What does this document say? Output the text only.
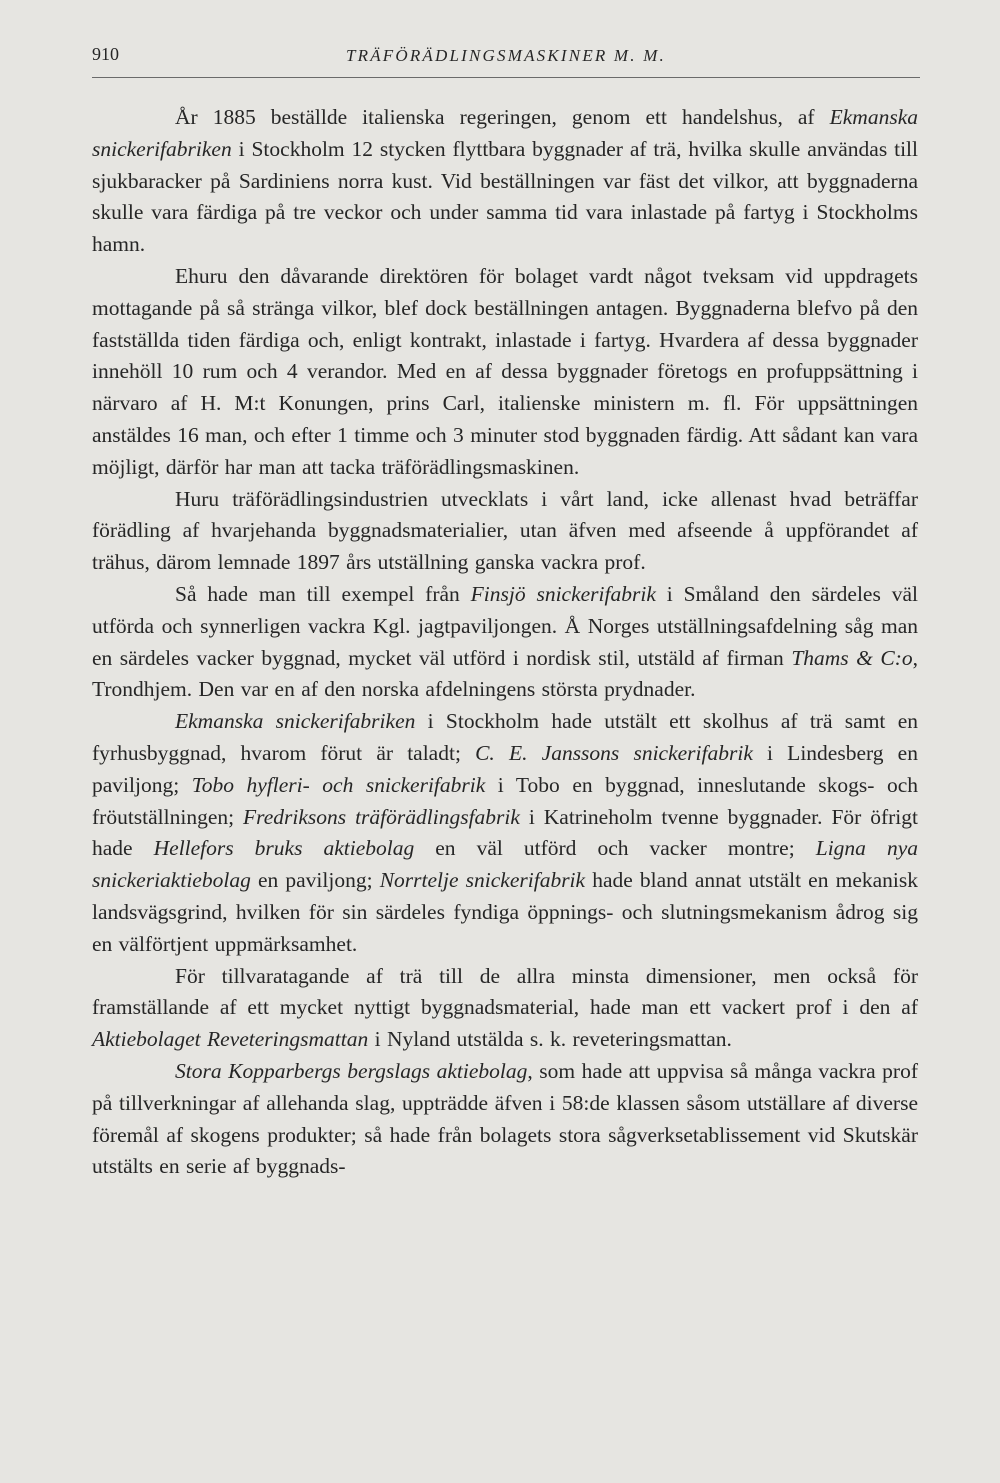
910	TRÄFÖRÄDLINGSMASKINER M. M.

År 1885 beställde italienska regeringen, genom ett handelshus, af Ekmanska snickerifabriken i Stockholm 12 stycken flyttbara byggnader af trä, hvilka skulle användas till sjukbaracker på Sardiniens norra kust. Vid beställningen var fäst det vilkor, att byggnaderna skulle vara färdiga på tre veckor och under samma tid vara inlastade på fartyg i Stockholms hamn.

Ehuru den dåvarande direktören för bolaget vardt något tveksam vid uppdragets mottagande på så stränga vilkor, blef dock beställningen antagen. Byggnaderna blefvo på den fastställda tiden färdiga och, enligt kontrakt, inlastade i fartyg. Hvardera af dessa byggnader innehöll 10 rum och 4 verandor. Med en af dessa byggnader företogs en profuppsättning i närvaro af H. M:t Konungen, prins Carl, italienske ministern m. fl. För uppsättningen anstäldes 16 man, och efter 1 timme och 3 minuter stod byggnaden färdig. Att sådant kan vara möjligt, därför har man att tacka träförädlingsmaskinen.

Huru träförädlingsindustrien utvecklats i vårt land, icke allenast hvad beträffar förädling af hvarjehanda byggnadsmaterialier, utan äfven med afseende å uppförandet af trähus, därom lemnade 1897 års utställning ganska vackra prof.

Så hade man till exempel från Finsjö snickerifabrik i Småland den särdeles väl utförda och synnerligen vackra Kgl. jagtpaviljongen. Å Norges utställningsafdelning såg man en särdeles vacker byggnad, mycket väl utförd i nordisk stil, utstäld af firman Thams & C:o, Trondhjem. Den var en af den norska afdelningens största prydnader.

Ekmanska snickerifabriken i Stockholm hade utstält ett skolhus af trä samt en fyrhusbyggnad, hvarom förut är taladt; C. E. Janssons snickerifabrik i Lindesberg en paviljong; Tobo hyfleri- och snickerifabrik i Tobo en byggnad, inneslutande skogs- och fröutställningen; Fredriksons träförädlingsfabrik i Katrineholm tvenne byggnader. För öfrigt hade Hellefors bruks aktiebolag en väl utförd och vacker montre; Ligna nya snickeriaktiebolag en paviljong; Norrtelje snickerifabrik hade bland annat utstält en mekanisk landsvägsgrind, hvilken för sin särdeles fyndiga öppnings- och slutningsmekanism ådrog sig en välförtjent uppmärksamhet.

För tillvaratagande af trä till de allra minsta dimensioner, men också för framställande af ett mycket nyttigt byggnadsmaterial, hade man ett vackert prof i den af Aktiebolaget Reveteringsmattan i Nyland utstälda s. k. reveteringsmattan.

Stora Kopparbergs bergslags aktiebolag, som hade att uppvisa så många vackra prof på tillverkningar af allehanda slag, uppträdde äfven i 58:de klassen såsom utställare af diverse föremål af skogens produkter; så hade från bolagets stora sågverksetablissement vid Skutskär utstälts en serie af byggnads-
